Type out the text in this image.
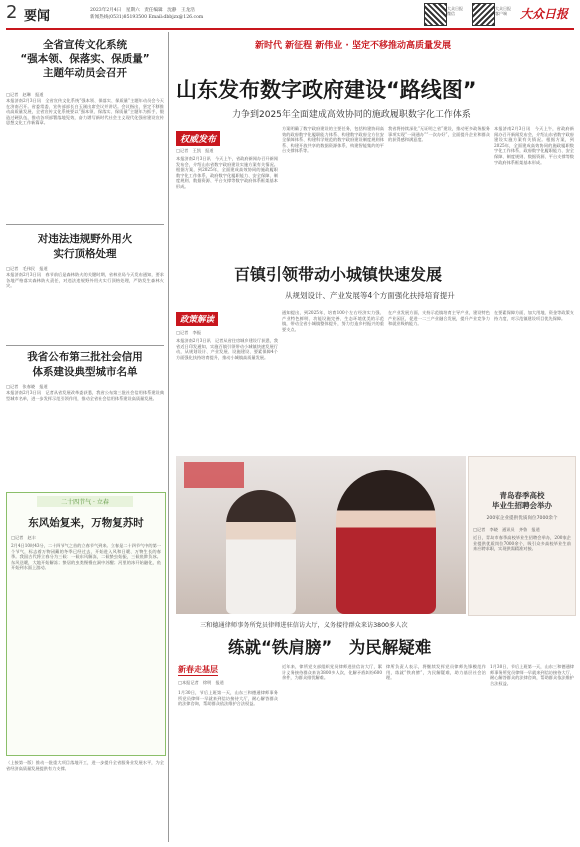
2 要闻	2023年2月4日　星期六　责任编辑　沈静　王龙浩
新闻热线(0531)85193500 Email:dbbjzx@126.com
大众日报
微信
大众日报
客户端	大众日报
新时代 新征程 新伟业 · 坚定不移推动高质量发展
全省宣传文化系统
“强本领、保落实、保质量”
主题年动员会召开
□记者　赵琳　报道
本报济南2月3日讯　全省宣传文化系统“强本领、保落实、保质量”主题年动员会今天在济南召开。省委常委、宣传部部长白玉刚出席会议并讲话。会议指出，坚定不移推动高质量发展，全省宣传文化系统要以“强本领、保落实、保质量”主题年为抓手，锻造过硬队伍，推动各项部署落地见效，奋力谱写新时代社会主义现代化强省建设宣传思想文化工作新篇章。
对违法违规野外用火
实行顶格处理
□记者　毛伟民　报道
本报济南2月3日讯　春节前后是森林防火的关键时期，省林业局今天发布通知，要求各地严格落实森林防火责任，对违法违规野外用火实行顶格处理，严防发生森林火灾。
我省公布第三批社会信用
体系建设典型城市名单
□记者　张春晓　报道
本报济南2月3日讯　记者从省发展改革委获悉，我省公布第三批社会信用体系建设典型城市名单，进一步发挥示范引领作用，推动全省社会信用体系建设高质量发展。
二十四节气 · 立春
东风始复来，万物复苏时
□记者　赵丰
2月4日10时43分，二十四节气之首的立春节气到来。立春是二十四节气中的第一个节气，标志着万物闭藏的冬季已经过去，开始进入风和日暖、万物生长的春季。我国古代将立春分为三候：一候东风解冻，二候蛰虫始振，三候鱼陟负冰。东风送暖，大地开始解冻；蛰居的虫类慢慢在洞中苏醒；河里的冰开始融化，鱼开始到水面上游动。
（上接第一版）推动一批重大项目落地开工，进一步提升全省服务业发展水平，为全省经济高质量发展提供有力支撑。
山东发布数字政府建设“路线图”
力争到2025年全面建成高效协同的施政履职数字化工作体系
权威发布
□记者　王凯　报道
本报济南2月3日讯　今天上午，省政府新闻办召开新闻发布会，介绍山东省数字政府建设实施方案有关情况。根据方案，到2025年，全面建成高效协同的施政履职数字化工作体系，政府数字化履职能力、安全保障、制度规则、数据资源、平台支撑等数字政府体系框架基本形成。
方案明确了数字政府建设的主要任务，包括构建协同高效的政府数字化履职能力体系、构建数字政府全方位安全保障体系、构建科学规范的数字政府建设制度规则体系、构建开放共享的数据资源体系、构建智能集约的平台支撑体系等。
我省将持续深化“无证明之省”建设，推动更多政务服务事项实现“一网通办”“一次办好”，全面提升企业和群众的获得感和满意度。
本报济南2月3日讯　今天上午，省政府新闻办召开新闻发布会，介绍山东省数字政府建设实施方案有关情况。根据方案，到2025年，全面建成高效协同的施政履职数字化工作体系，政府数字化履职能力、安全保障、制度规则、数据资源、平台支撑等数字政府体系框架基本形成。
百镇引领带动小城镇快速发展
从规划设计、产业发展等4个方面强化扶持培育提升
政策解读
□记者　李振
本报济南2月3日讯　记者从省住房城乡建设厅获悉，我省近日印发通知，实施百镇引领带动小城镇快速发展行动，从规划设计、产业发展、设施建设、要素保障4个方面强化扶持培育提升，推动小城镇高质量发展。
通知提出，到2025年，培育100个左右经济实力强、产业特色鲜明、功能设施完善、生态环境优美的示范镇，带动全省小城镇整体提升，努力打造乡村振兴的重要支点。
在产业发展方面，支持示范镇培育主导产业，建设特色产业园区，促进一二三产业融合发展，提升产业竞争力和就业吸纳能力。
在要素保障方面，加大用地、资金等政策支持力度，对示范镇建设项目优先保障。
青岛春季高校
毕业生招聘会举办
200家企业提供优质岗位7000余个
□记者　李晓　通讯员　齐鲁　报道
近日，青岛市春季高校毕业生招聘会举办，200家企业提供优质岗位7000余个，吸引众多高校毕业生前来应聘求职，实现供需精准对接。
三和德通律师事务所党员律师进驻信访大厅，义务接待群众来访3800多人次
练就“铁肩膀”　为民解疑难
新春走基层
□本报记者　徐明　报道
1月30日，节后上班第一天，山东三和德通律师事务所党员律师一早就来到信访接待大厅，耐心解答群众的法律咨询，帮助群众依法维护合法权益。
近年来，律所党支部组织党员律师进驻信访大厅，累计义务接待群众来访3800多人次，化解矛盾纠纷600余件，为群众排忧解难。
律所负责人表示，将继续发挥党员律师先锋模范作用，练就“铁肩膀”，为民解疑难，助力基层社会治理。
1月30日，节后上班第一天，山东三和德通律师事务所党员律师一早就来到信访接待大厅，耐心解答群众的法律咨询，帮助群众依法维护合法权益。
